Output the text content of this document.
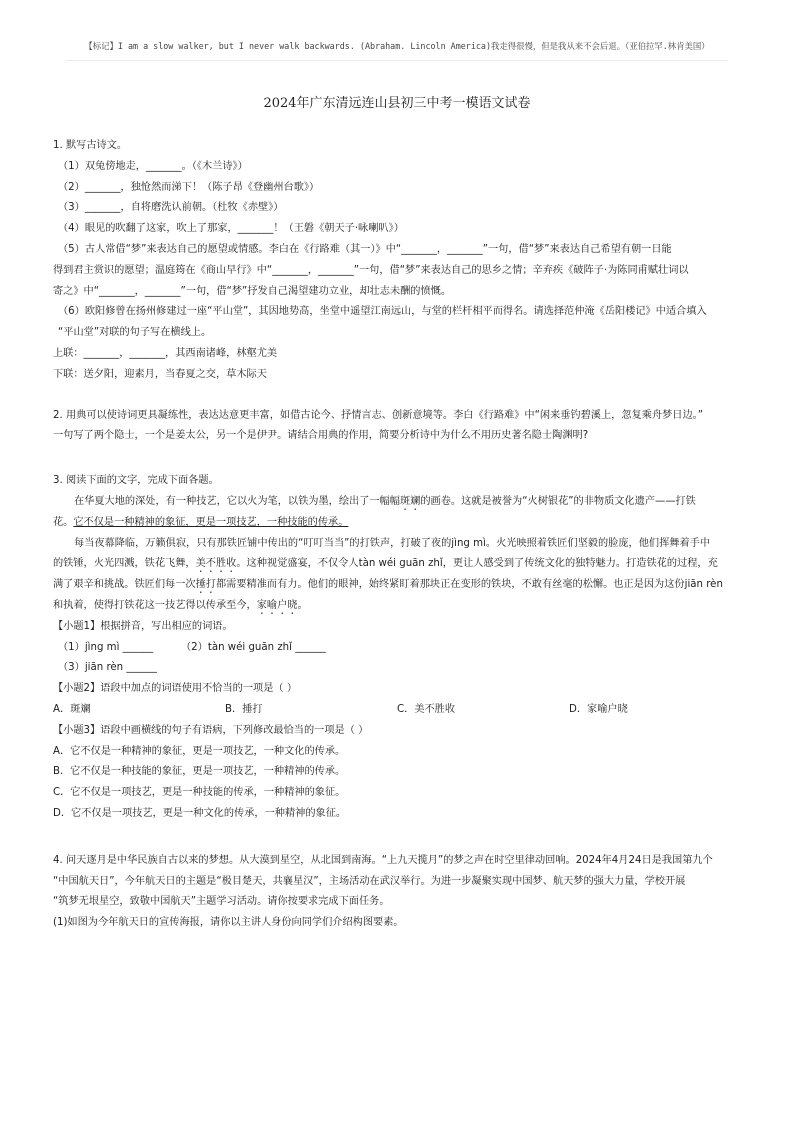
【标记】I am a slow walker, but I never walk backwards. (Abraham. Lincoln America)我走得很慢，但是我从来不会后退。（亚伯拉罕.林肯美国）
2024年广东清远连山县初三中考一模语文试卷
1. 默写古诗文。
（1）双兔傍地走，_______。（《木兰诗》）
（2）_______，独怆然而涕下！（陈子昂《登幽州台歌》）
（3）_______，自将磨洗认前朝。（杜牧《赤壁》）
（4）眼见的吹翻了这家，吹上了那家，_______！（王磐《朝天子·咏喇叭》）
（5）古人常借“梦”来表达自己的愿望或情感。李白在《行路难（其一）》中“_______，_______”一句，借“梦”来表达自己希望有朝一日能
得到君主赏识的愿望；温庭筠在《商山早行》中“_______，_______”一句，借“梦”来表达自己的思乡之情；辛弃疾《破阵子·为陈同甫赋壮词以
寄之》中“_______，_______”一句，借“梦”抒发自己渴望建功立业，却壮志未酬的愤慨。
（6）欧阳修曾在扬州修建过一座“平山堂”，其因地势高，坐堂中遥望江南远山，与堂的栏杆相平而得名。请选择范仲淹《岳阳楼记》中适合填入
“平山堂”对联的句子写在横线上。
上联：_______，_______，其西南诸峰，林壑尤美
下联：送夕阳，迎素月，当春夏之交，草木际天
2. 用典可以使诗词更具凝练性，表达达意更丰富，如借古论今、抒情言志、创新意境等。李白《行路难》中“闲来垂钓碧溪上，忽复乘舟梦日边。”
一句写了两个隐士，一个是姜太公，另一个是伊尹。请结合用典的作用，简要分析诗中为什么不用历史著名隐士陶渊明?
3. 阅读下面的文字，完成下面各题。
在华夏大地的深处，有一种技艺，它以火为笔，以铁为墨，绘出了一幅幅斑斓的画卷。这就是被誉为“火树银花”的非物质文化遗产——打铁
花。它不仅是一种精神的象征，更是一项技艺，一种技能的传承。
每当夜幕降临，万籁俱寂，只有那铁匠铺中传出的“叮叮当当”的打铁声，打破了夜的jìng mì。火光映照着铁匠们坚毅的脸庞，他们挥舞着手中
的铁锤，火光四溅，铁花飞舞，美不胜收。这种视觉盛宴，不仅令人tàn wéi guān zhǐ，更让人感受到了传统文化的独特魅力。打造铁花的过程，充
满了艰辛和挑战。铁匠们每一次捶打都需要精准而有力。他们的眼神，始终紧盯着那块正在变形的铁块，不敢有丝毫的松懈。也正是因为这份jiān rèn
和执着，使得打铁花这一技艺得以传承至今，家喻户晓。
【小题1】根据拼音，写出相应的词语。
（1）jìng mì ______	（2）tàn wéi guān zhǐ ______
（3）jiān rèn ______
【小题2】语段中加点的词语使用不恰当的一项是（ ）
A．斑斓	B．捶打	C．美不胜收	D．家喻户晓
【小题3】语段中画横线的句子有语病，下列修改最恰当的一项是（ ）
A．它不仅是一种精神的象征，更是一项技艺，一种文化的传承。
B．它不仅是一种技能的象征，更是一项技艺，一种精神的传承。
C．它不仅是一项技艺，更是一种技能的传承，一种精神的象征。
D．它不仅是一项技艺，更是一种文化的传承，一种精神的象征。
4. 问天逐月是中华民族自古以来的梦想。从大漠到星空，从北国到南海。“上九天揽月”的梦之声在时空里律动回响。2024年4月24日是我国第九个
“中国航天日”，今年航天日的主题是“极目楚天，共襄星汉”，主场活动在武汉举行。为进一步凝聚实现中国梦、航天梦的强大力量，学校开展
“筑梦无垠星空，致敬中国航天”主题学习活动。请你按要求完成下面任务。
(1)如图为今年航天日的宣传海报，请你以主讲人身份向同学们介绍构图要素。
